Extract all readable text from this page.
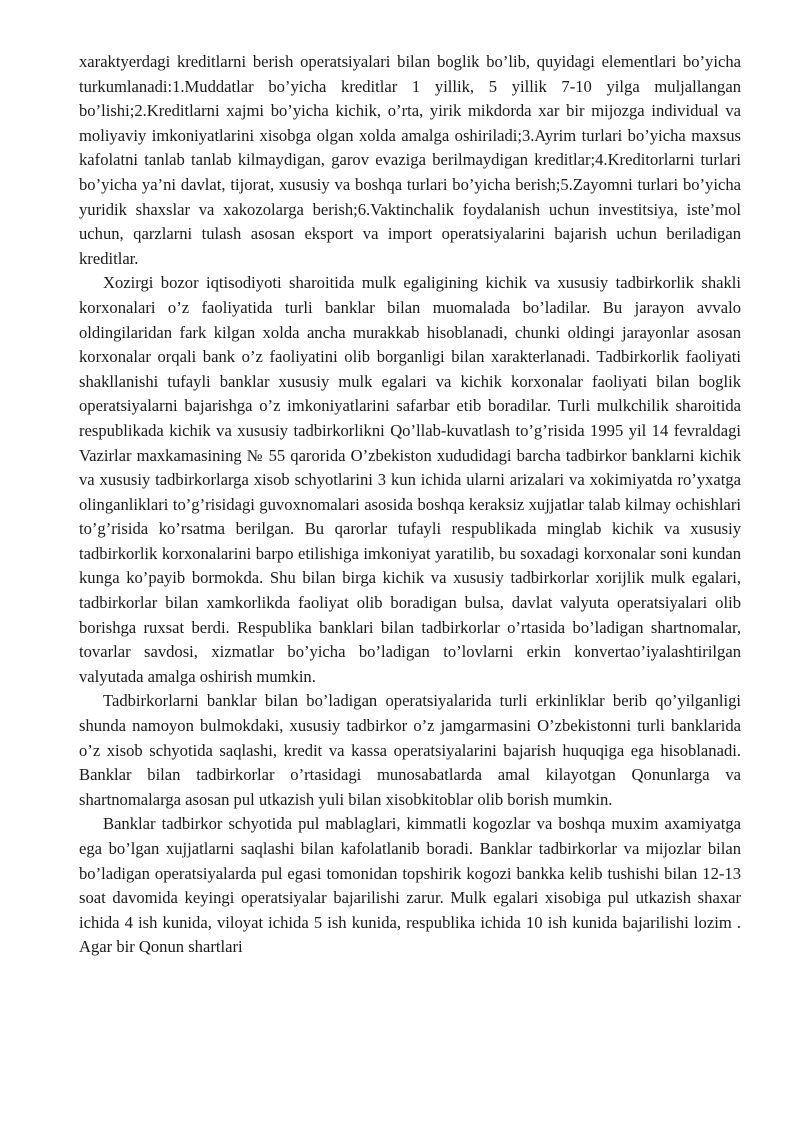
xaraktyerdagi kreditlarni berish operatsiyalari bilan boglik bo’lib, quyidagi elementlari bo’yicha turkumlanadi:1.Muddatlar bo’yicha kreditlar 1 yillik, 5 yillik 7-10 yilga muljallangan bo’lishi;2.Kreditlarni xajmi bo’yicha kichik, o’rta, yirik mikdorda xar bir mijozga individual va moliyaviy imkoniyatlarini xisobga olgan xolda amalga oshiriladi;3.Ayrim turlari bo’yicha maxsus kafolatni tanlab tanlab kilmaydigan, garov evaziga berilmaydigan kreditlar;4.Kreditorlarni turlari bo’yicha ya’ni davlat, tijorat, xususiy va boshqa turlari bo’yicha berish;5.Zayomni turlari bo’yicha yuridik shaxslar va xakozolarga berish;6.Vaktinchalik foydalanish uchun investitsiya, iste’mol uchun, qarzlarni tulash asosan eksport va import operatsiyalarini bajarish uchun beriladigan kreditlar.

Xozirgi bozor iqtisodiyoti sharoitida mulk egaligining kichik va xususiy tadbirkorlik shakli korxonalari o’z faoliyatida turli banklar bilan muomalada bo’ladilar. Bu jarayon avvalo oldingilaridan fark kilgan xolda ancha murakkab hisoblanadi, chunki oldingi jarayonlar asosan korxonalar orqali bank o’z faoliyatini olib borganligi bilan xarakterlanadi. Tadbirkorlik faoliyati shakllanishi tufayli banklar xususiy mulk egalari va kichik korxonalar faoliyati bilan boglik operatsiyalarni bajarishga o’z imkoniyatlarini safarbar etib boradilar. Turli mulkchilik sharoitida respublikada kichik va xususiy tadbirkorlikni Qo’llab-kuvatlash to’g’risida 1995 yil 14 fevraldagi Vazirlar maxkamasining № 55 qarorida O’zbekiston xududidagi barcha tadbirkor banklarni kichik va xususiy tadbirkorlarga xisob schyotlarini 3 kun ichida ularni arizalari va xokimiyatda ro’yxatga olinganliklari to’g’risidagi guvoxnomalari asosida boshqa keraksiz xujjatlar talab kilmay ochishlari to’g’risida ko’rsatma berilgan. Bu qarorlar tufayli respublikada minglab kichik va xususiy tadbirkorlik korxonalarini barpo etilishiga imkoniyat yaratilib, bu soxadagi korxonalar soni kundan kunga ko’payib bormokda. Shu bilan birga kichik va xususiy tadbirkorlar xorijlik mulk egalari, tadbirkorlar bilan xamkorlikda faoliyat olib boradigan bulsa, davlat valyuta operatsiyalari olib borishga ruxsat berdi. Respublika banklari bilan tadbirkorlar o’rtasida bo’ladigan shartnomalar, tovarlar savdosi, xizmatlar bo’yicha bo’ladigan to’lovlarni erkin konvertao’iyalashtirilgan valyutada amalga oshirish mumkin.

Tadbirkorlarni banklar bilan bo’ladigan operatsiyalarida turli erkinliklar berib qo’yilganligi shunda namoyon bulmokdaki, xususiy tadbirkor o’z jamgarmasini O’zbekistonni turli banklarida o’z xisob schyotida saqlashi, kredit va kassa operatsiyalarini bajarish huquqiga ega hisoblanadi. Banklar bilan tadbirkorlar o’rtasidagi munosabatlarda amal kilayotgan Qonunlarga va shartnomalarga asosan pul utkazish yuli bilan xisobkitoblar olib borish mumkin.

Banklar tadbirkor schyotida pul mablaglari, kimmatli kogozlar va boshqa muxim axamiyatga ega bo’lgan xujjatlarni saqlashi bilan kafolatlanib boradi. Banklar tadbirkorlar va mijozlar bilan bo’ladigan operatsiyalarda pul egasi tomonidan topshirik kogozi bankka kelib tushishi bilan 12-13 soat davomida keyingi operatsiyalar bajarilishi zarur. Mulk egalari xisobiga pul utkazish shaxar ichida 4 ish kunida, viloyat ichida 5 ish kunida, respublika ichida 10 ish kunida bajarilishi lozim . Agar bir Qonun shartlari
